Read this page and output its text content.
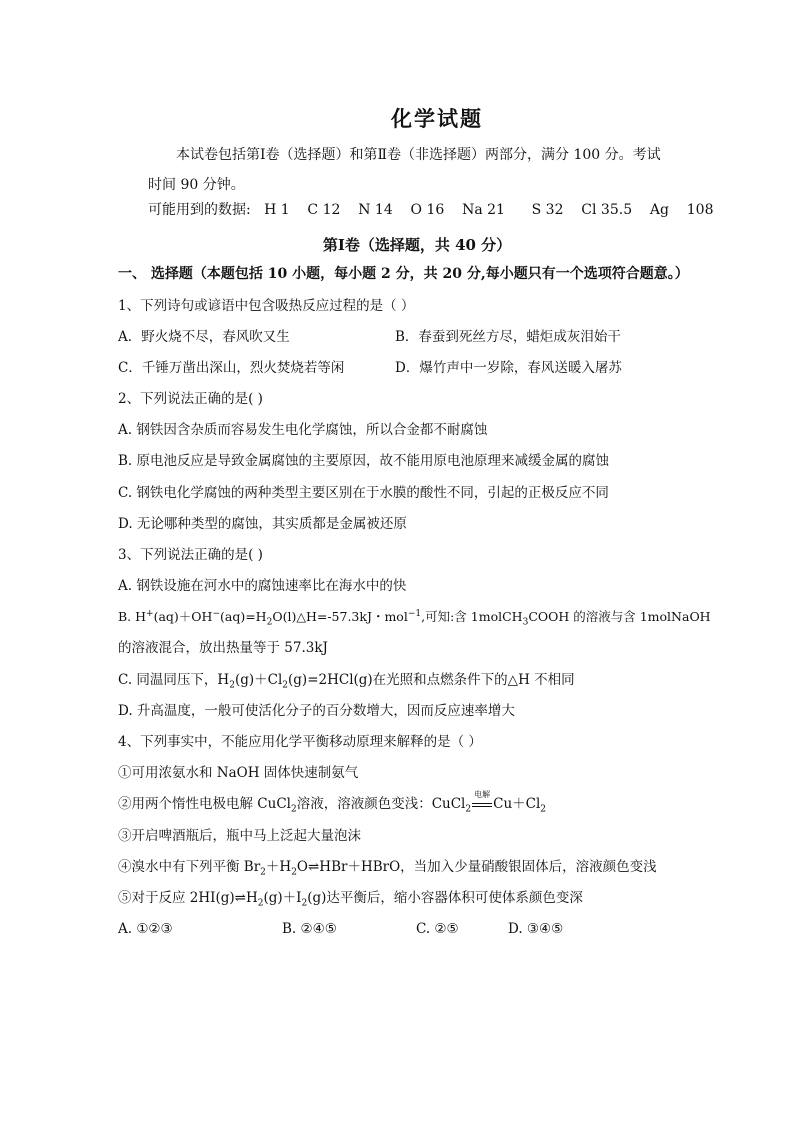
化学试题
本试卷包括第Ⅰ卷（选择题）和第Ⅱ卷（非选择题）两部分，满分 100 分。考试
时间 90 分钟。
可能用到的数据:   H 1    C 12    N 14    O 16    Na 21      S 32    Cl 35.5    Ag    108
第Ⅰ卷（选择题，共 40 分）
一、 选择题（本题包括 10 小题，每小题 2 分，共 20 分,每小题只有一个选项符合题意。）
1、下列诗句或谚语中包含吸热反应过程的是（ ）
A．野火烧不尽，春风吹又生	B．春蚕到死丝方尽，蜡炬成灰泪始干
C．千锤万凿出深山，烈火焚烧若等闲	D．爆竹声中一岁除，春风送暖入屠苏
2、下列说法正确的是( )
A. 钢铁因含杂质而容易发生电化学腐蚀，所以合金都不耐腐蚀
B. 原电池反应是导致金属腐蚀的主要原因，故不能用原电池原理来减缓金属的腐蚀
C. 钢铁电化学腐蚀的两种类型主要区别在于水膜的酸性不同，引起的正极反应不同
D. 无论哪种类型的腐蚀，其实质都是金属被还原
3、下列说法正确的是( )
A. 钢铁设施在河水中的腐蚀速率比在海水中的快
B. $H^+(aq)+OH^-(aq)=H_2O(l)\triangle H=-57.3kJ$・mol$^{-1}$,可知:含 1molCH$_3$COOH 的溶液与含 1molNaOH
的溶液混合，放出热量等于 57.3kJ
C. 同温同压下，$H_2(g)+Cl_2(g)=2HCl(g)$在光照和点燃条件下的△H 不相同
D. 升高温度，一般可使活化分子的百分数增大，因而反应速率增大
4、下列事实中，不能应用化学平衡移动原理来解释的是（ ）
①可用浓氨水和 NaOH 固体快速制氨气
②用两个惰性电极电解 CuCl$_2$溶液，溶液颜色变浅：CuCl$_2$
电解
$Cu+Cl_2$
③开启啤酒瓶后，瓶中马上泛起大量泡沫
④溴水中有下列平衡 $Br_2+H_2O\rightleftharpoons HBr+HBrO$，当加入少量硝酸银固体后，溶液颜色变浅
⑤对于反应 $2HI(g)\rightleftharpoons H_2(g)+I_2(g)$达平衡后，缩小容器体积可使体系颜色变深
A. ①②③	B. ②④⑤	C. ②⑤	D. ③④⑤
